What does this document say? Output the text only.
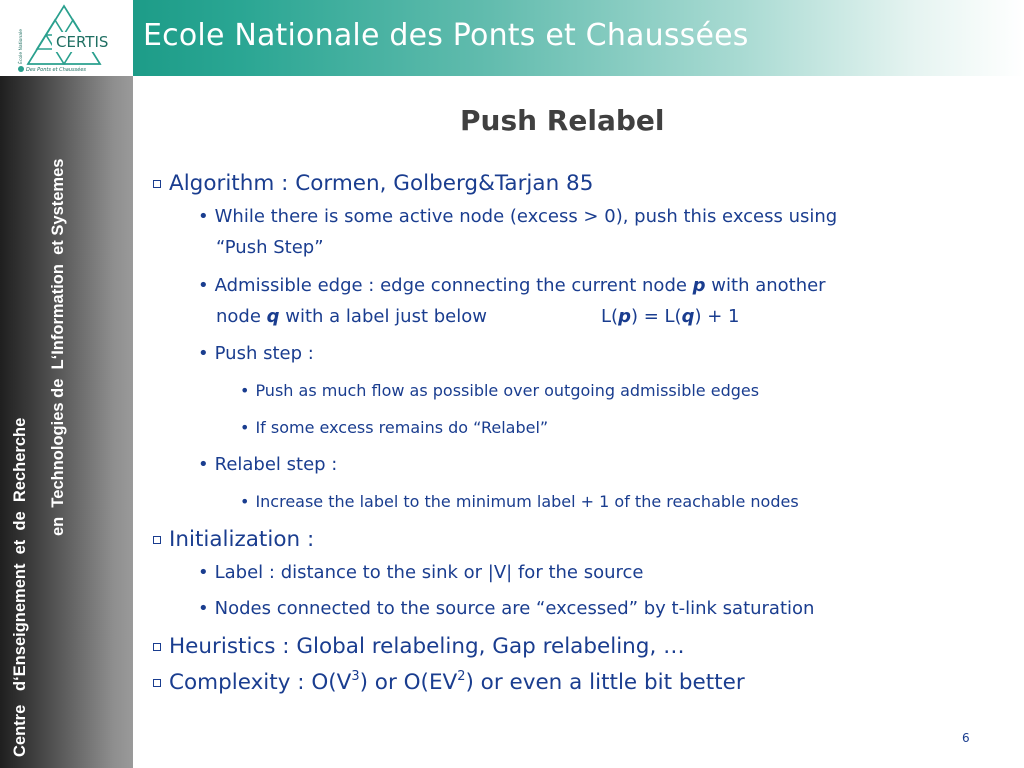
CERTIS
Des Ponts et Chaussées
École Nationale	Ecole Nationale des Ponts et Chaussées
Centre   d‘Enseignement  et  de  Recherche
en  Technologies de  L‘Information  et Systemes
Push Relabel
Algorithm : Cormen, Golberg&Tarjan 85
• While there is some active node (excess > 0), push this excess using
“Push Step”
• Admissible edge : edge connecting the current node p with another
node q with a label just below	L(p) = L(q) + 1
• Push step :
• Push as much flow as possible over outgoing admissible edges
• If some excess remains do “Relabel”
• Relabel step :
• Increase the label to the minimum label + 1 of the reachable nodes
Initialization :
• Label : distance to the sink or |V| for the source
• Nodes connected to the source are “excessed” by t-link saturation
Heuristics : Global relabeling, Gap relabeling, …
Complexity : $O(V^3)$ or $O(EV^2)$ or even a little bit better
6
